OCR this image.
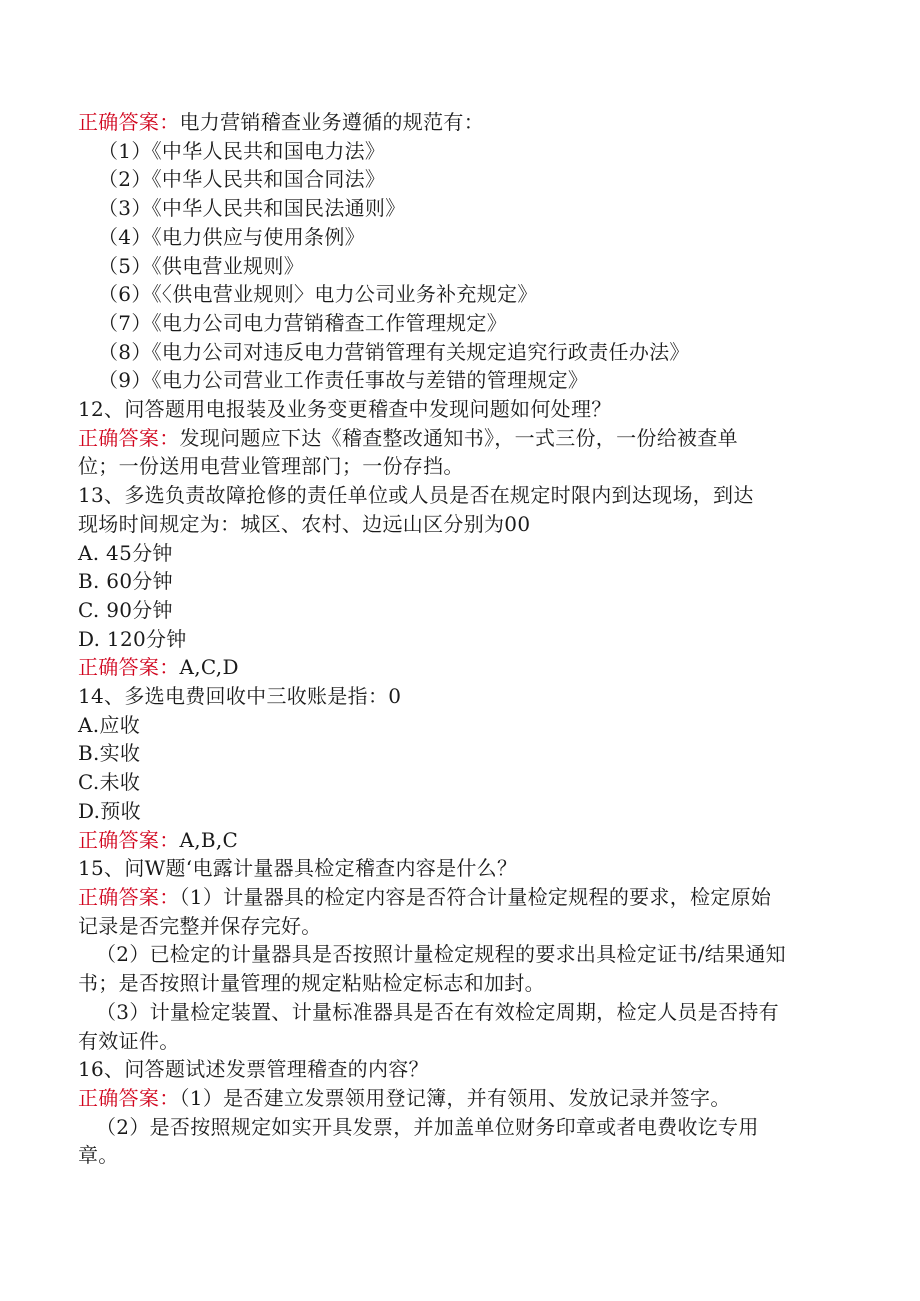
正确答案：电力营销稽查业务遵循的规范有：
（1）《中华人民共和国电力法》
（2）《中华人民共和国合同法》
（3）《中华人民共和国民法通则》
（4）《电力供应与使用条例》
（5）《供电营业规则》
（6）《〈供电营业规则〉电力公司业务补充规定》
（7）《电力公司电力营销稽查工作管理规定》
（8）《电力公司对违反电力营销管理有关规定追究行政责任办法》
（9）《电力公司营业工作责任事故与差错的管理规定》
12、问答题用电报装及业务变更稽查中发现问题如何处理？
正确答案：发现问题应下达《稽查整改通知书》，一式三份，一份给被查单
位；一份送用电营业管理部门；一份存挡。
13、多选负责故障抢修的责任单位或人员是否在规定时限内到达现场，到达
现场时间规定为：城区、农村、边远山区分别为00
A. 45分钟
B. 60分钟
C. 90分钟
D. 120分钟
正确答案：A,C,D
14、多选电费回收中三收账是指：0
A.应收
B.实收
C.未收
D.预收
正确答案：A,B,C
15、问W题‘电露计量器具检定稽查内容是什么？
正确答案：（1）计量器具的检定内容是否符合计量检定规程的要求，检定原始
记录是否完整并保存完好。
（2）已检定的计量器具是否按照计量检定规程的要求出具检定证书/结果通知
书；是否按照计量管理的规定粘贴检定标志和加封。
（3）计量检定装置、计量标准器具是否在有效检定周期，检定人员是否持有
有效证件。
16、问答题试述发票管理稽查的内容？
正确答案：（1）是否建立发票领用登记簿，并有领用、发放记录并签字。
（2）是否按照规定如实开具发票，并加盖单位财务印章或者电费收讫专用
章。
